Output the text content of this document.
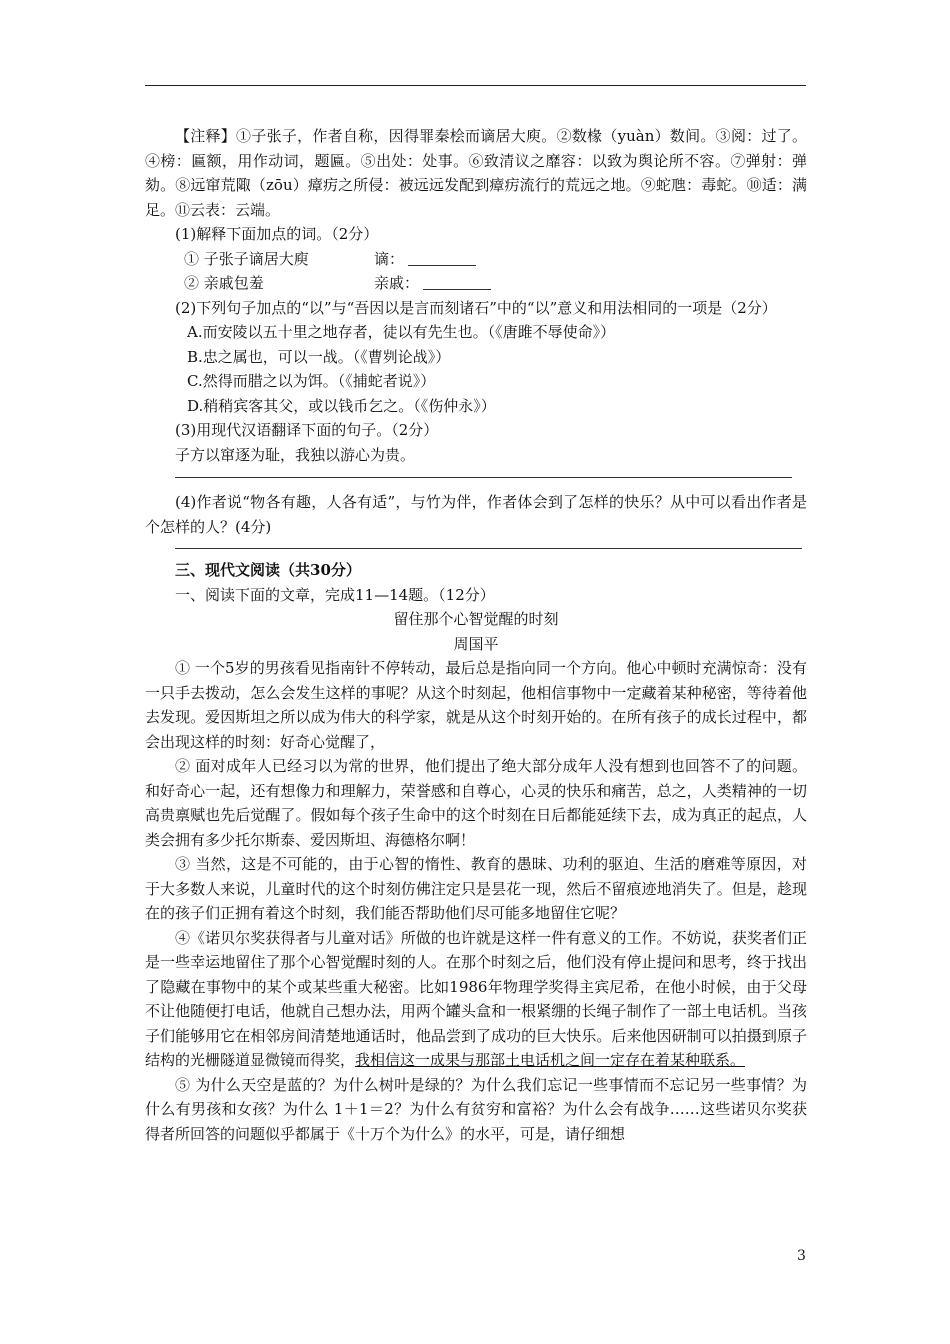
【注释】①子张子，作者自称，因得罪秦桧而谪居大庾。②数椽（yuàn）数间。③阅：过了。④榜：匾额，用作动词，题匾。⑤出处：处事。⑥致清议之靡容：以致为舆论所不容。⑦弹射：弹劾。⑧远窜荒陬（zōu）瘴疠之所侵：被远远发配到瘴疠流行的荒远之地。⑨蛇虺：毒蛇。⑩适：满足。⑪云表：云端。

(1)解释下面加点的词。（2分）

① 子张子谪居大庾	谪：

② 亲戚包羞	亲戚：

(2)下列句子加点的“以”与“吾因以是言而刻诸石”中的“以”意义和用法相同的一项是（2分）

A.而安陵以五十里之地存者，徒以有先生也。（《唐雎不辱使命》）

B.忠之属也，可以一战。（《曹刿论战》）

C.然得而腊之以为饵。（《捕蛇者说》）

D.稍稍宾客其父，或以钱币乞之。（《伤仲永》）

(3)用现代汉语翻译下面的句子。（2分）

子方以窜逐为耻，我独以游心为贵。

(4)作者说“物各有趣，人各有适”，与竹为伴，作者体会到了怎样的快乐？从中可以看出作者是个怎样的人？(4分)

三、现代文阅读（共30分）

一、阅读下面的文章，完成11—14题。（12分）

留住那个心智觉醒的时刻

周国平

① 一个5岁的男孩看见指南针不停转动，最后总是指向同一个方向。他心中顿时充满惊奇：没有一只手去拨动，怎么会发生这样的事呢？从这个时刻起，他相信事物中一定藏着某种秘密，等待着他去发现。爱因斯坦之所以成为伟大的科学家，就是从这个时刻开始的。在所有孩子的成长过程中，都会出现这样的时刻：好奇心觉醒了，

② 面对成年人已经习以为常的世界，他们提出了绝大部分成年人没有想到也回答不了的问题。和好奇心一起，还有想像力和理解力，荣誉感和自尊心，心灵的快乐和痛苦，总之，人类精神的一切高贵禀赋也先后觉醒了。假如每个孩子生命中的这个时刻在日后都能延续下去，成为真正的起点，人类会拥有多少托尔斯泰、爱因斯坦、海德格尔啊！

③ 当然，这是不可能的，由于心智的惰性、教育的愚昧、功利的驱迫、生活的磨难等原因，对于大多数人来说，儿童时代的这个时刻仿佛注定只是昙花一现，然后不留痕迹地消失了。但是，趁现在的孩子们正拥有着这个时刻，我们能否帮助他们尽可能多地留住它呢？

④《诺贝尔奖获得者与儿童对话》所做的也许就是这样一件有意义的工作。不妨说，获奖者们正是一些幸运地留住了那个心智觉醒时刻的人。在那个时刻之后，他们没有停止提问和思考，终于找出了隐藏在事物中的某个或某些重大秘密。比如1986年物理学奖得主宾尼希，在他小时候，由于父母不让他随便打电话，他就自己想办法，用两个罐头盒和一根紧绷的长绳子制作了一部土电话机。当孩子们能够用它在相邻房间清楚地通话时，他品尝到了成功的巨大快乐。后来他因研制可以拍摄到原子结构的光栅隧道显微镜而得奖，我相信这一成果与那部土电话机之间一定存在着某种联系。

⑤ 为什么天空是蓝的？为什么树叶是绿的？为什么我们忘记一些事情而不忘记另一些事情？为什么有男孩和女孩？为什么 1＋1＝2？为什么有贫穷和富裕？为什么会有战争……这些诺贝尔奖获得者所回答的问题似乎都属于《十万个为什么》的水平，可是，请仔细想

3
